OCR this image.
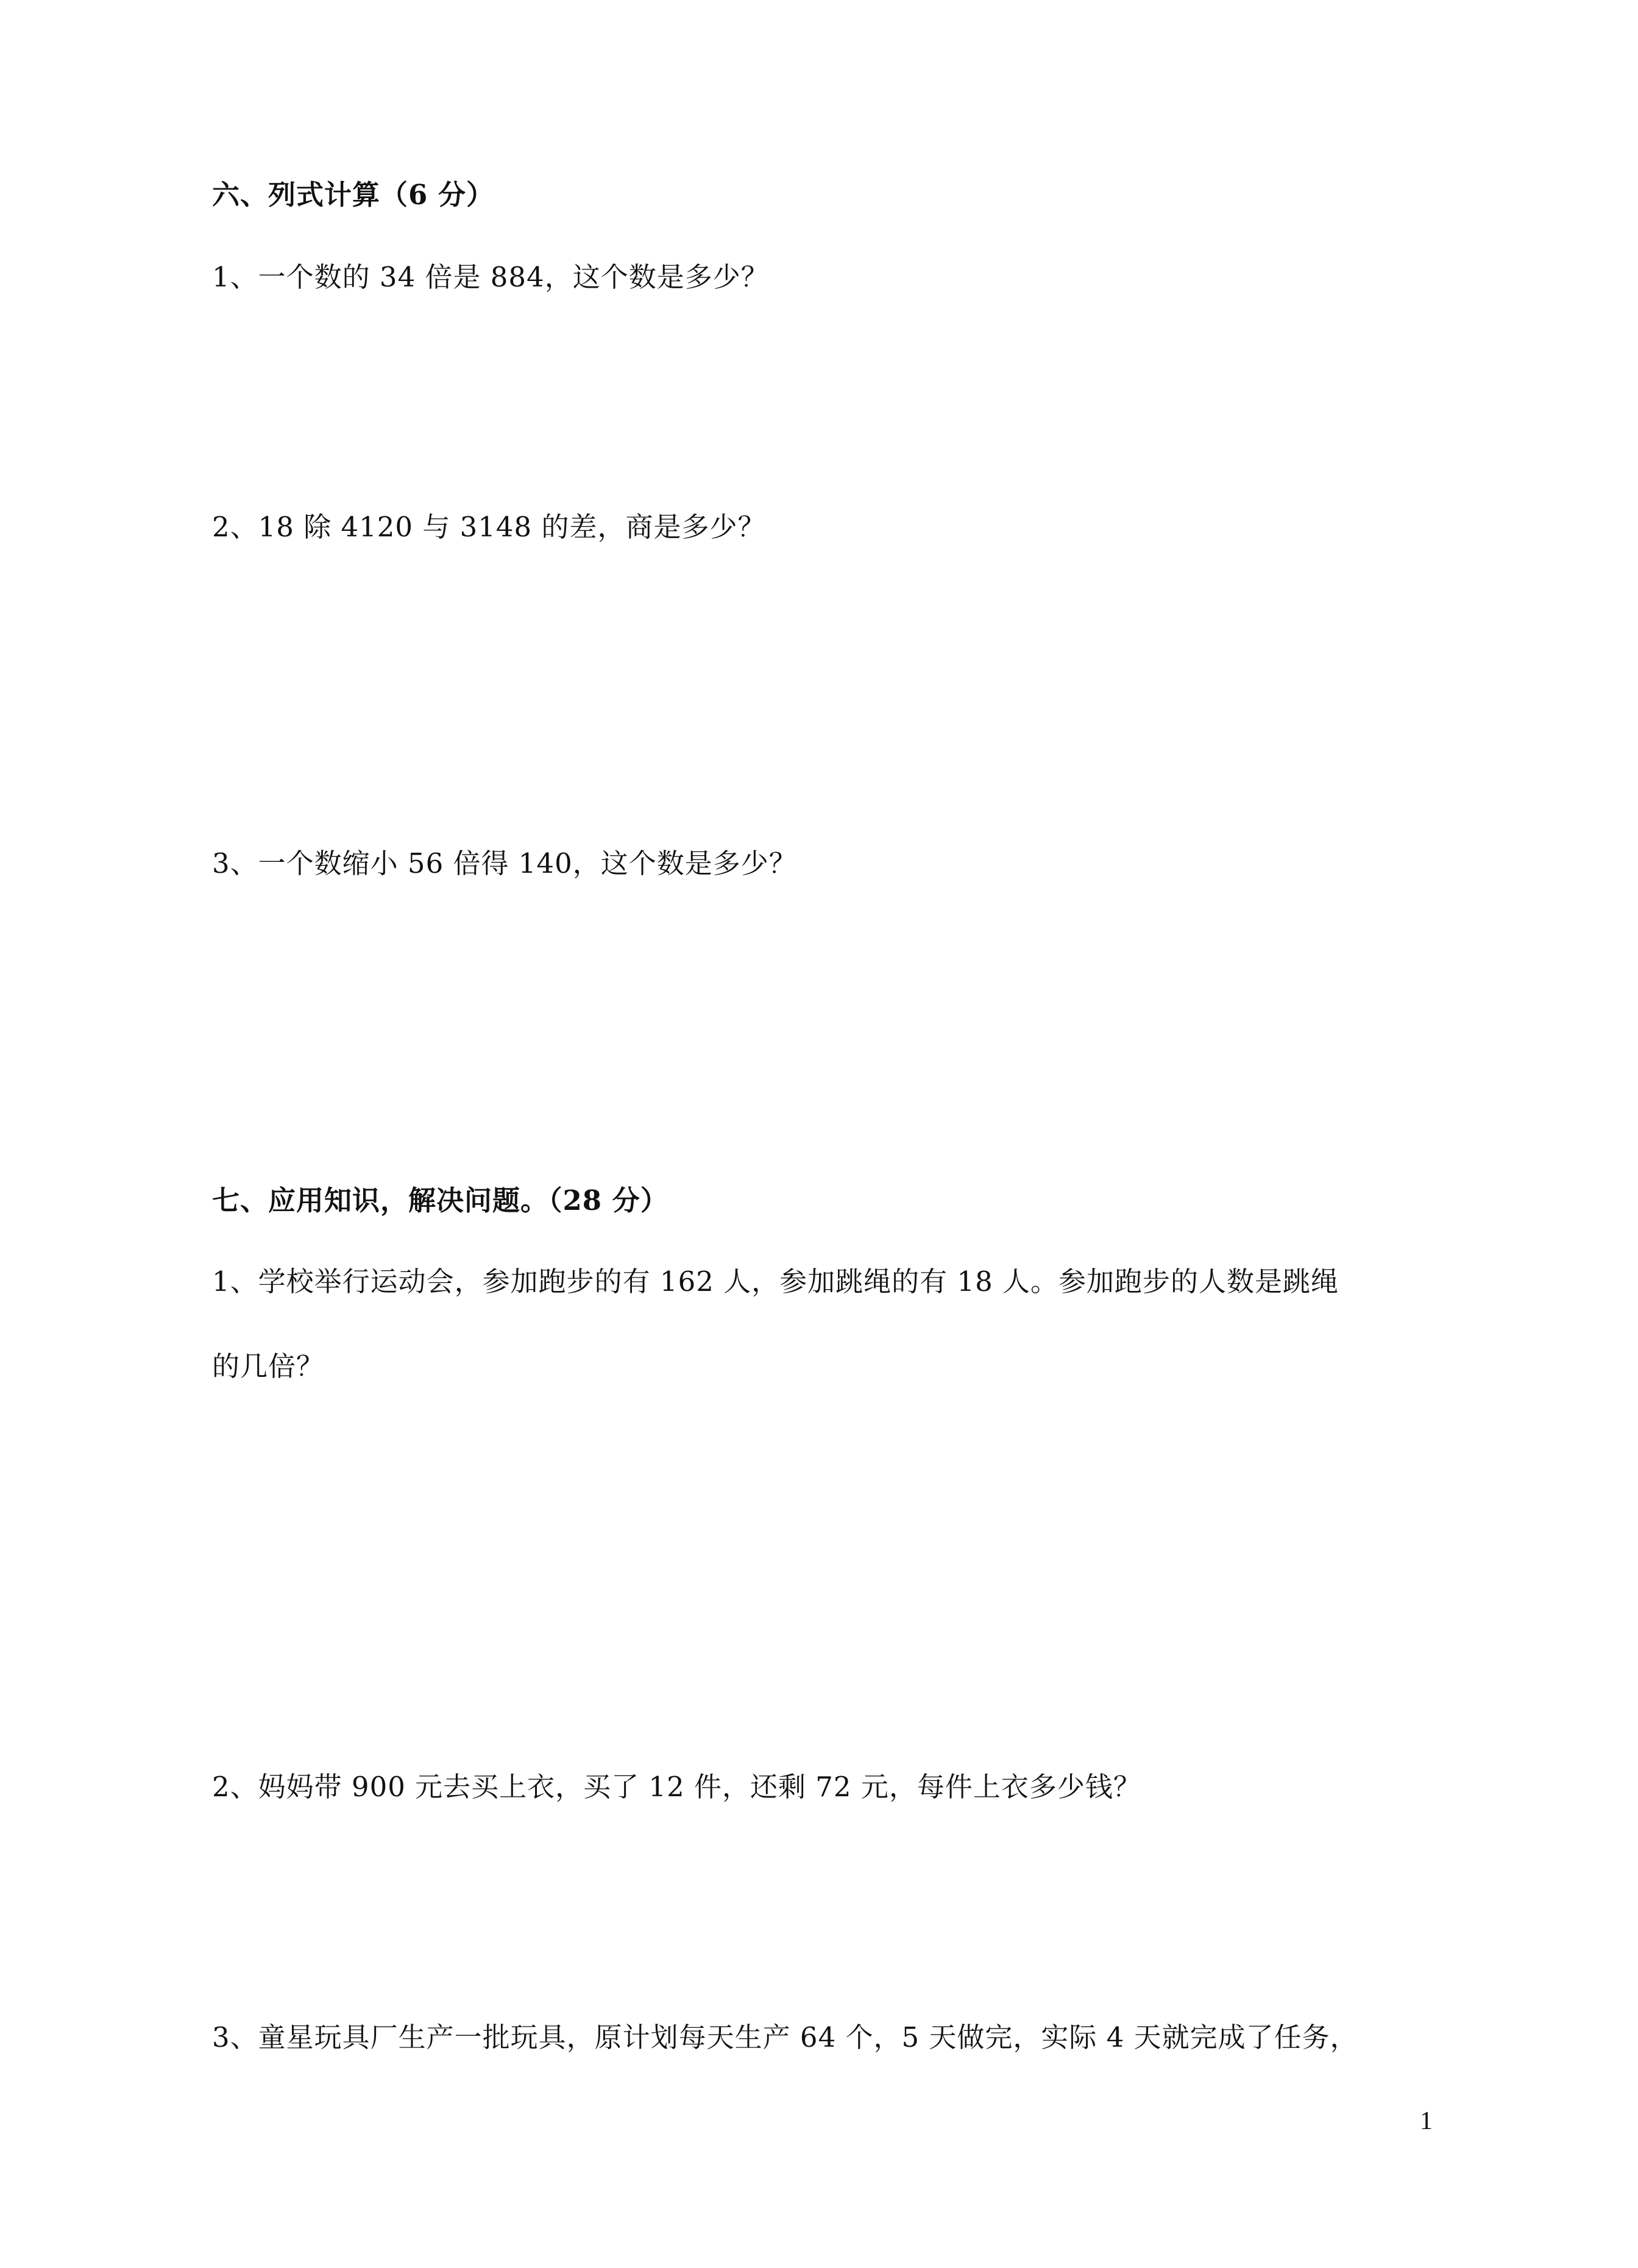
六、列式计算（6 分）
1、一个数的 34 倍是 884，这个数是多少？
2、18 除 4120 与 3148 的差，商是多少？
3、一个数缩小 56 倍得 140，这个数是多少？
七、应用知识，解决问题。（28 分）
1、学校举行运动会，参加跑步的有 162 人，参加跳绳的有 18 人。参加跑步的人数是跳绳
的几倍？
2、妈妈带 900 元去买上衣，买了 12 件，还剩 72 元，每件上衣多少钱？
3、童星玩具厂生产一批玩具，原计划每天生产 64 个，5 天做完，实际 4 天就完成了任务，
1
